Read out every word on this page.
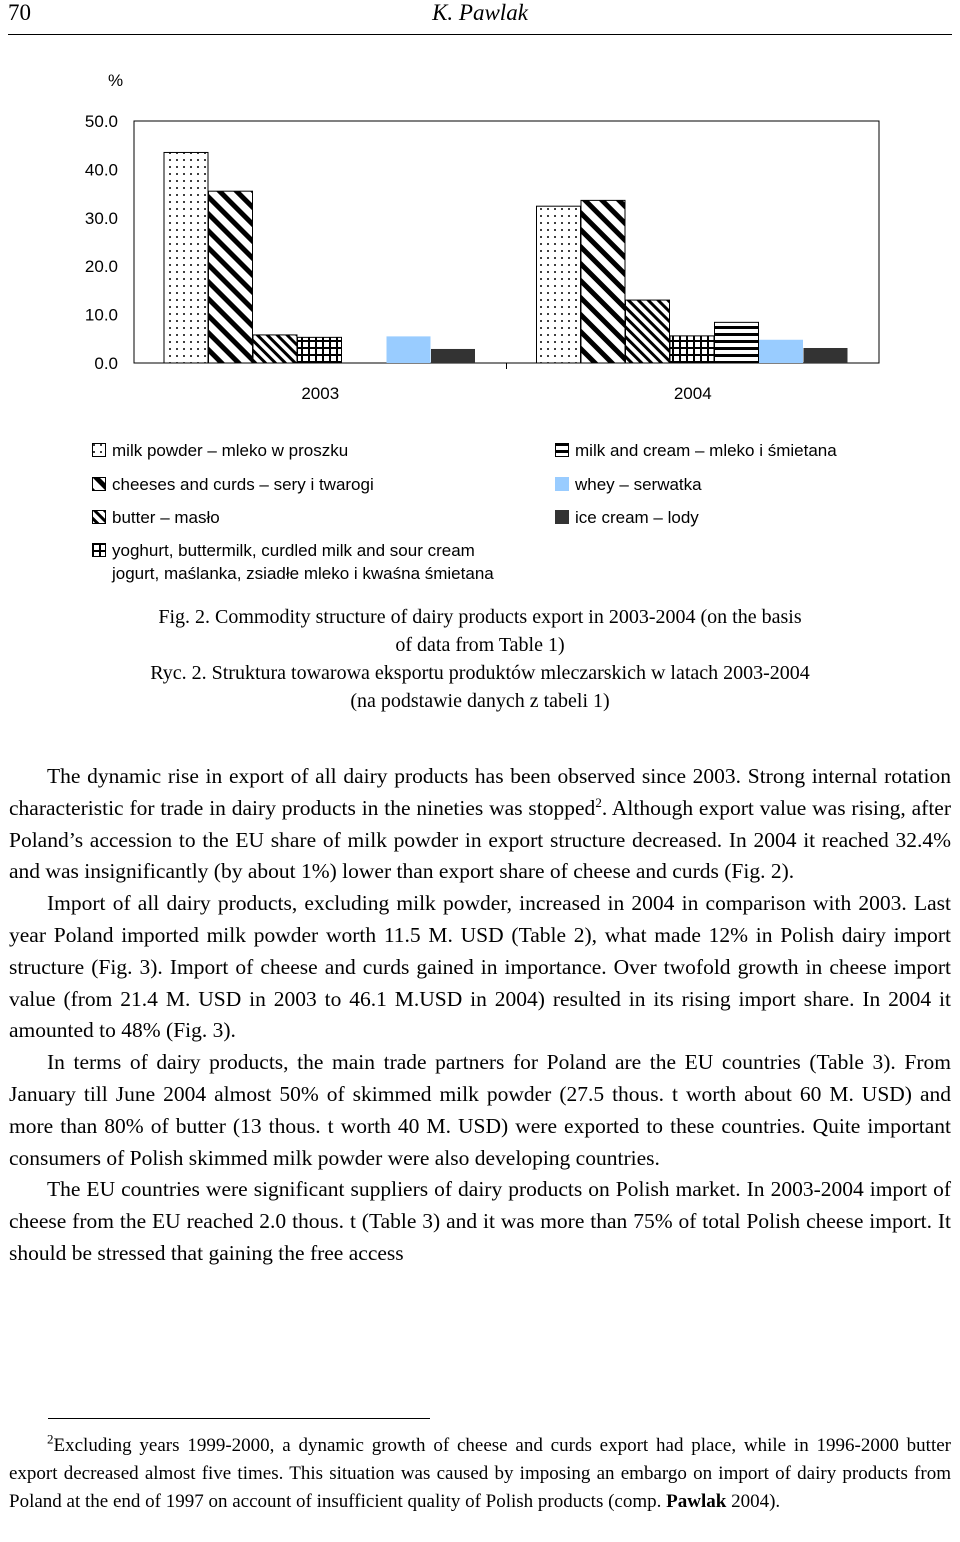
70	K. Pawlak
%
50.0
40.0
30.0
20.0
10.0
0.0
2003	2004
milk powder – mleko w proszku
cheeses and curds – sery i twarogi
butter – masło
yoghurt, buttermilk, curdled milk and sour cream
jogurt, maślanka, zsiadłe mleko i kwaśna śmietana
milk and cream – mleko i śmietana
whey – serwatka
ice cream – lody
Fig. 2. Commodity structure of dairy products export in 2003-2004 (on the basis
of data from Table 1)
Ryc. 2. Struktura towarowa eksportu produktów mleczarskich w latach 2003-2004
(na podstawie danych z tabeli 1)

The dynamic rise in export of all dairy products has been observed since 2003. Strong internal rotation characteristic for trade in dairy products in the nineties was stopped$^2$. Although export value was rising, after Poland’s accession to the EU share of milk powder in export structure decreased. In 2004 it reached 32.4% and was insignificantly (by about 1%) lower than export share of cheese and curds (Fig. 2).

Import of all dairy products, excluding milk powder, increased in 2004 in comparison with 2003. Last year Poland imported milk powder worth 11.5 M. USD (Table 2), what made 12% in Polish dairy import structure (Fig. 3). Import of cheese and curds gained in importance. Over twofold growth in cheese import value (from 21.4 M. USD in 2003 to 46.1 M.USD in 2004) resulted in its rising import share. In 2004 it amounted to 48% (Fig. 3).

In terms of dairy products, the main trade partners for Poland are the EU countries (Table 3). From January till June 2004 almost 50% of skimmed milk powder (27.5 thous. t worth about 60 M. USD) and more than 80% of butter (13 thous. t worth 40 M. USD) were exported to these countries. Quite important consumers of Polish skimmed milk powder were also developing countries.

The EU countries were significant suppliers of dairy products on Polish market. In 2003-2004 import of cheese from the EU reached 2.0 thous. t (Table 3) and it was more than 75% of total Polish cheese import. It should be stressed that gaining the free access

$^2$Excluding years 1999-2000, a dynamic growth of cheese and curds export had place, while in 1996-2000 butter export decreased almost five times. This situation was caused by imposing an embargo on import of dairy products from Poland at the end of 1997 on account of insufficient quality of Polish products (comp. Pawlak 2004).
